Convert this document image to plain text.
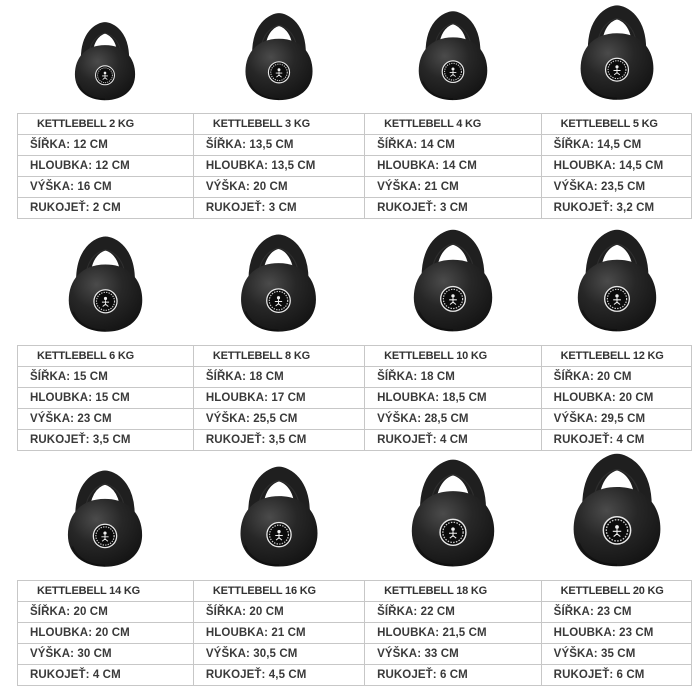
KETTLEBELL 2 KG	KETTLEBELL 3 KG	KETTLEBELL 4 KG	KETTLEBELL 5 KG
ŠÍŘKA: 12 CM	ŠÍŘKA: 13,5 CM	ŠÍŘKA: 14 CM	ŠÍŘKA: 14,5 CM
HLOUBKA: 12 CM	HLOUBKA: 13,5 CM	HLOUBKA: 14 CM	HLOUBKA: 14,5 CM
VÝŠKA: 16 CM	VÝŠKA: 20 CM	VÝŠKA: 21 CM	VÝŠKA: 23,5 CM
RUKOJEŤ: 2 CM	RUKOJEŤ: 3 CM	RUKOJEŤ: 3 CM	RUKOJEŤ: 3,2 CM
KETTLEBELL 6 KG	KETTLEBELL 8 KG	KETTLEBELL 10 KG	KETTLEBELL 12 KG
ŠÍŘKA: 15 CM	ŠÍŘKA: 18 CM	ŠÍŘKA: 18 CM	ŠÍŘKA: 20 CM
HLOUBKA: 15 CM	HLOUBKA: 17 CM	HLOUBKA: 18,5 CM	HLOUBKA: 20 CM
VÝŠKA: 23 CM	VÝŠKA: 25,5 CM	VÝŠKA: 28,5 CM	VÝŠKA: 29,5 CM
RUKOJEŤ: 3,5 CM	RUKOJEŤ: 3,5 CM	RUKOJEŤ: 4 CM	RUKOJEŤ: 4 CM
KETTLEBELL 14 KG	KETTLEBELL 16 KG	KETTLEBELL 18 KG	KETTLEBELL 20 KG
ŠÍŘKA: 20 CM	ŠÍŘKA: 20 CM	ŠÍŘKA: 22 CM	ŠÍŘKA: 23 CM
HLOUBKA: 20 CM	HLOUBKA: 21 CM	HLOUBKA: 21,5 CM	HLOUBKA: 23 CM
VÝŠKA: 30 CM	VÝŠKA: 30,5 CM	VÝŠKA: 33 CM	VÝŠKA: 35 CM
RUKOJEŤ: 4 CM	RUKOJEŤ: 4,5 CM	RUKOJEŤ: 6 CM	RUKOJEŤ: 6 CM
